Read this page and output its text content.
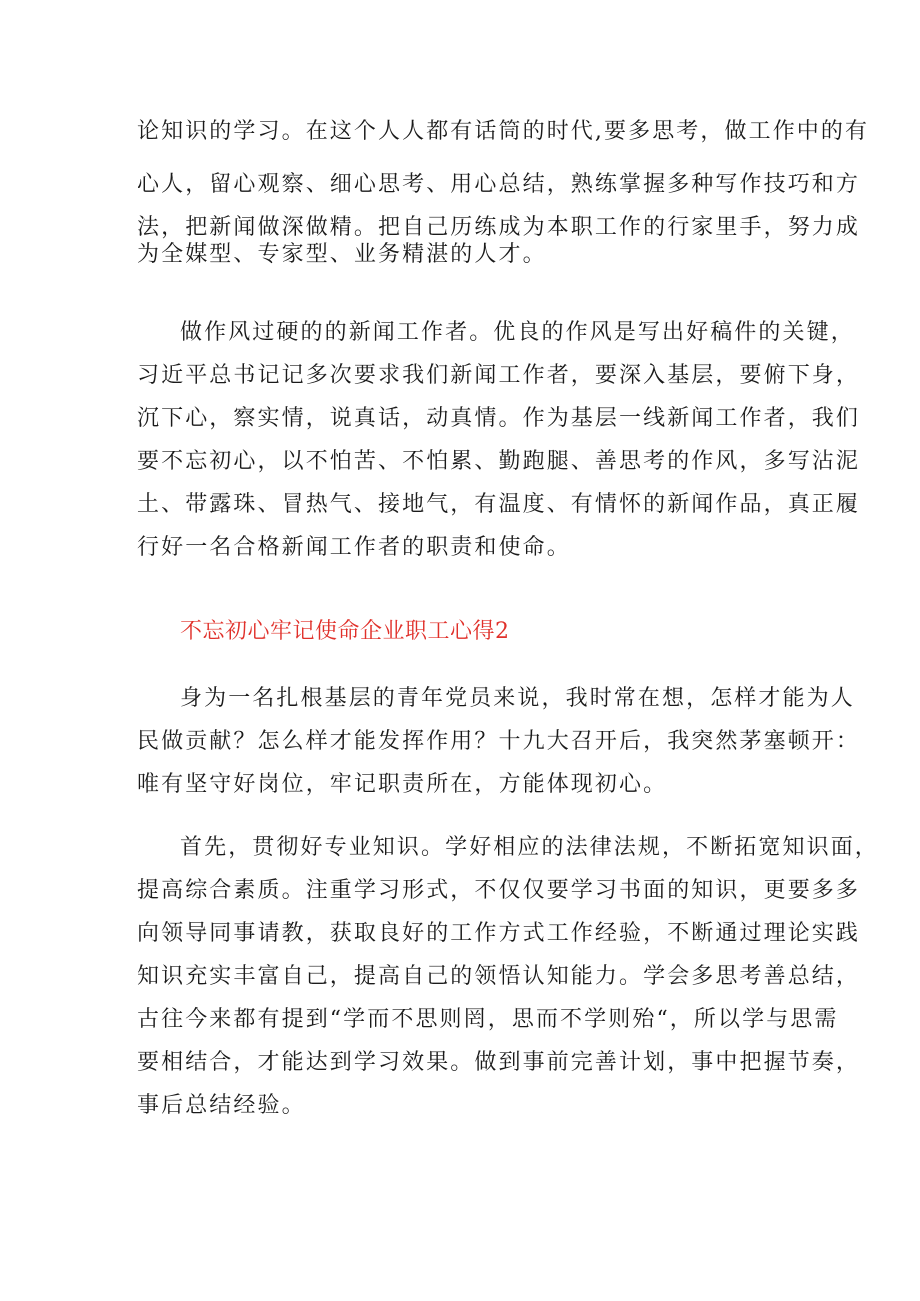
论知识的学习。在这个人人都有话筒的时代,要多思考，做工作中的有
心人，留心观察、细心思考、用心总结，熟练掌握多种写作技巧和方
法，把新闻做深做精。把自己历练成为本职工作的行家里手，努力成
为全媒型、专家型、业务精湛的人才。
做作风过硬的的新闻工作者。优良的作风是写出好稿件的关键，
习近平总书记记多次要求我们新闻工作者，要深入基层，要俯下身，
沉下心，察实情，说真话，动真情。作为基层一线新闻工作者，我们
要不忘初心，以不怕苦、不怕累、勤跑腿、善思考的作风，多写沾泥
土、带露珠、冒热气、接地气，有温度、有情怀的新闻作品，真正履
行好一名合格新闻工作者的职责和使命。
不忘初心牢记使命企业职工心得2
身为一名扎根基层的青年党员来说，我时常在想，怎样才能为人
民做贡献？怎么样才能发挥作用？十九大召开后，我突然茅塞顿开：
唯有坚守好岗位，牢记职责所在，方能体现初心。
首先，贯彻好专业知识。学好相应的法律法规，不断拓宽知识面，
提高综合素质。注重学习形式，不仅仅要学习书面的知识，更要多多
向领导同事请教，获取良好的工作方式工作经验，不断通过理论实践
知识充实丰富自己，提高自己的领悟认知能力。学会多思考善总结，
古往今来都有提到“学而不思则罔，思而不学则殆“，所以学与思需
要相结合，才能达到学习效果。做到事前完善计划，事中把握节奏，
事后总结经验。
